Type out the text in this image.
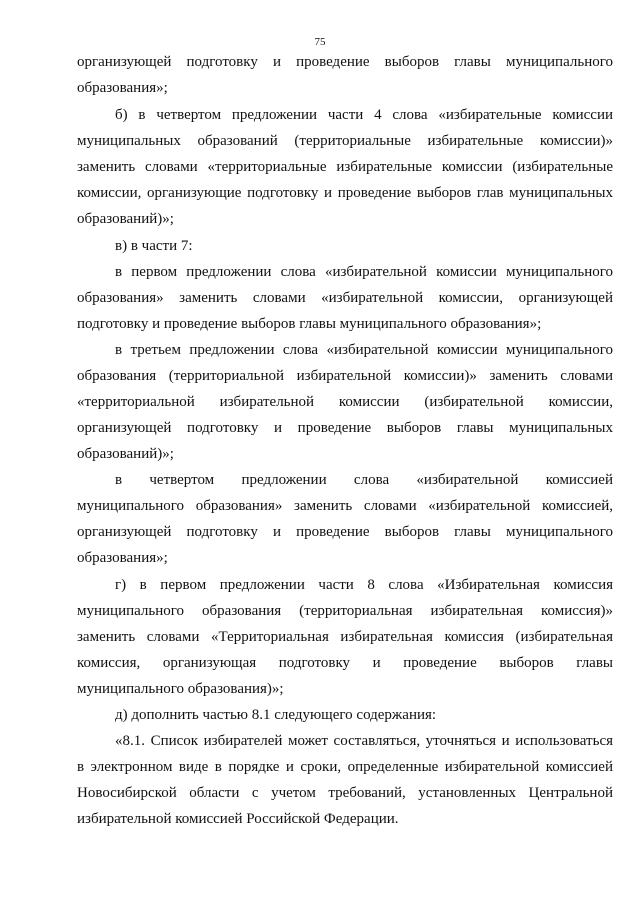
75
организующей подготовку и проведение выборов главы муниципального
образования»;
б) в четвертом предложении части 4 слова «избирательные комиссии
муниципальных образований (территориальные избирательные комиссии)»
заменить словами «территориальные избирательные комиссии (избирательные
комиссии, организующие подготовку и проведение выборов глав муниципальных
образований)»;
в) в части 7:
в первом предложении слова «избирательной комиссии муниципального
образования» заменить словами «избирательной комиссии, организующей
подготовку и проведение выборов главы муниципального образования»;
в третьем предложении слова «избирательной комиссии муниципального
образования (территориальной избирательной комиссии)» заменить словами
«территориальной избирательной комиссии (избирательной комиссии,
организующей подготовку и проведение выборов главы муниципальных
образований)»;
в четвертом предложении слова «избирательной комиссией
муниципального образования» заменить словами «избирательной комиссией,
организующей подготовку и проведение выборов главы муниципального
образования»;
г) в первом предложении части 8 слова «Избирательная комиссия
муниципального образования (территориальная избирательная комиссия)»
заменить словами «Территориальная избирательная комиссия (избирательная
комиссия, организующая подготовку и проведение выборов главы
муниципального образования)»;
д) дополнить частью 8.1 следующего содержания:
«8.1. Список избирателей может составляться, уточняться и использоваться
в электронном виде в порядке и сроки, определенные избирательной комиссией
Новосибирской области с учетом требований, установленных Центральной
избирательной комиссией Российской Федерации.
